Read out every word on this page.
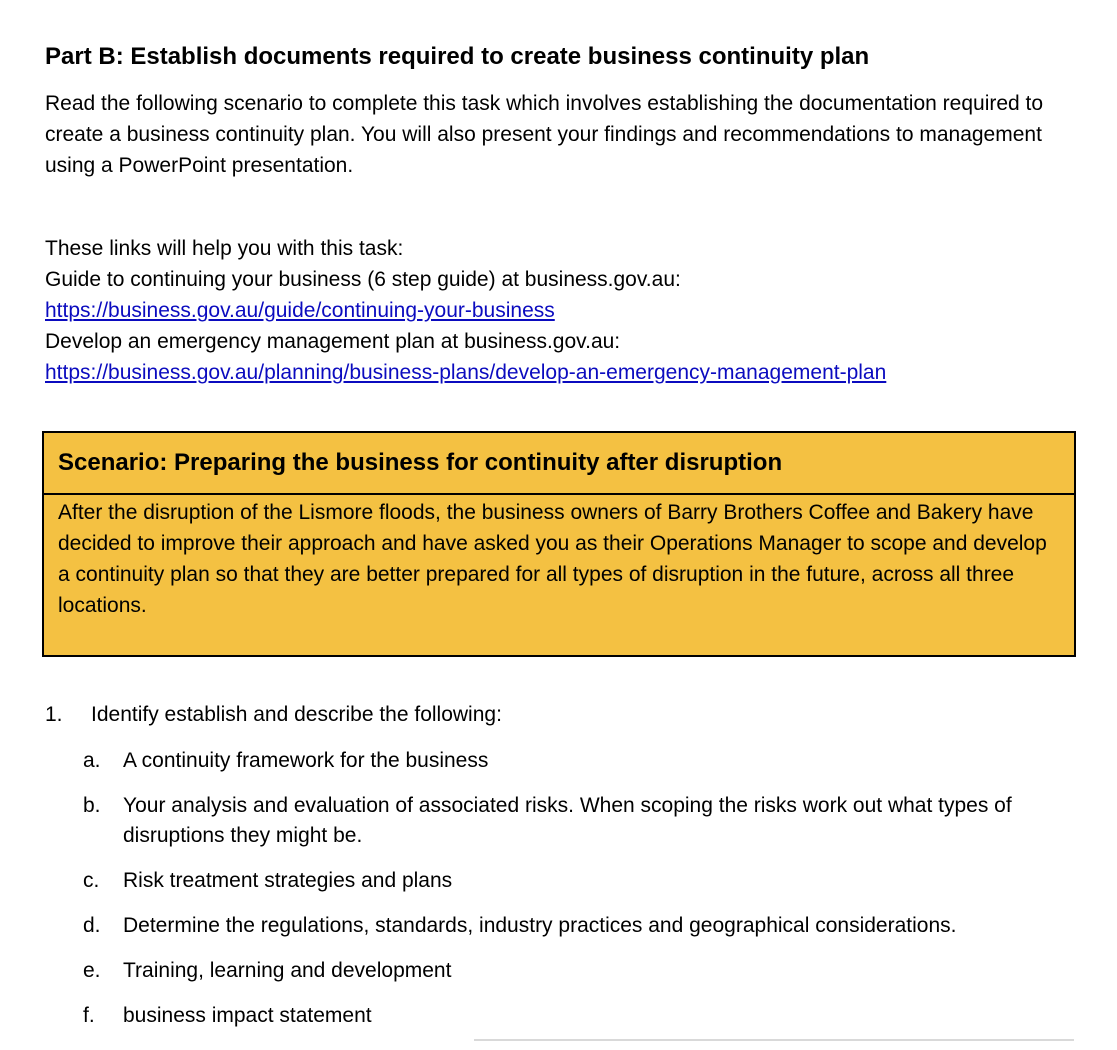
Part B: Establish documents required to create business continuity plan
Read the following scenario to complete this task which involves establishing the documentation required to create a business continuity plan. You will also present your findings and recommendations to management using a PowerPoint presentation.

These links will help you with this task:

Guide to continuing your business (6 step guide) at business.gov.au:

https://business.gov.au/guide/continuing-your-business

Develop an emergency management plan at business.gov.au:

https://business.gov.au/planning/business-plans/develop-an-emergency-management-plan
Scenario: Preparing the business for continuity after disruption
After the disruption of the Lismore floods, the business owners of Barry Brothers Coffee and Bakery have decided to improve their approach and have asked you as their Operations Manager to scope and develop a continuity plan so that they are better prepared for all types of disruption in the future, across all three locations.
1.	Identify establish and describe the following:
a.	A continuity framework for the business
b.	Your analysis and evaluation of associated risks. When scoping the risks work out what types of disruptions they might be.
c.	Risk treatment strategies and plans
d.	Determine the regulations, standards, industry practices and geographical considerations.
e.	Training, learning and development
f.	business impact statement
